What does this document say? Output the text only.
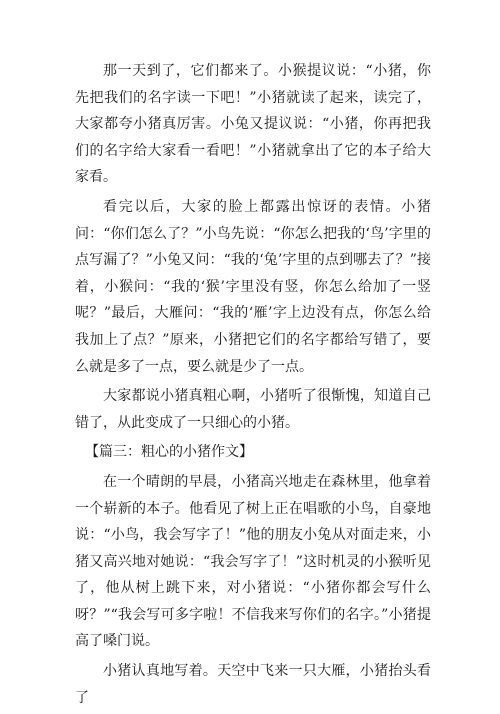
那一天到了，它们都来了。小猴提议说：“小猪，你先把我们的名字读一下吧！”小猪就读了起来，读完了，大家都夸小猪真厉害。小兔又提议说：“小猪，你再把我们的名字给大家看一看吧！”小猪就拿出了它的本子给大家看。

看完以后，大家的脸上都露出惊讶的表情。小猪问：“你们怎么了？”小鸟先说：“你怎么把我的‘鸟’字里的点写漏了？”小兔又问：“我的‘兔’字里的点到哪去了？”接着，小猴问：“我的‘猴’字里没有竖，你怎么给加了一竖呢？”最后，大雁问：“我的‘雁’字上边没有点，你怎么给我加上了点？”原来，小猪把它们的名字都给写错了，要么就是多了一点，要么就是少了一点。

大家都说小猪真粗心啊，小猪听了很惭愧，知道自己错了，从此变成了一只细心的小猪。

【篇三：粗心的小猪作文】

在一个晴朗的早晨，小猪高兴地走在森林里，他拿着一个崭新的本子。他看见了树上正在唱歌的小鸟，自豪地说：“小鸟，我会写字了！”他的朋友小兔从对面走来，小猪又高兴地对她说：“我会写字了！”这时机灵的小猴听见了，他从树上跳下来，对小猪说：“小猪你都会写什么呀？”“我会写可多字啦！不信我来写你们的名字。”小猪提高了嗓门说。

小猪认真地写着。天空中飞来一只大雁，小猪抬头看了
